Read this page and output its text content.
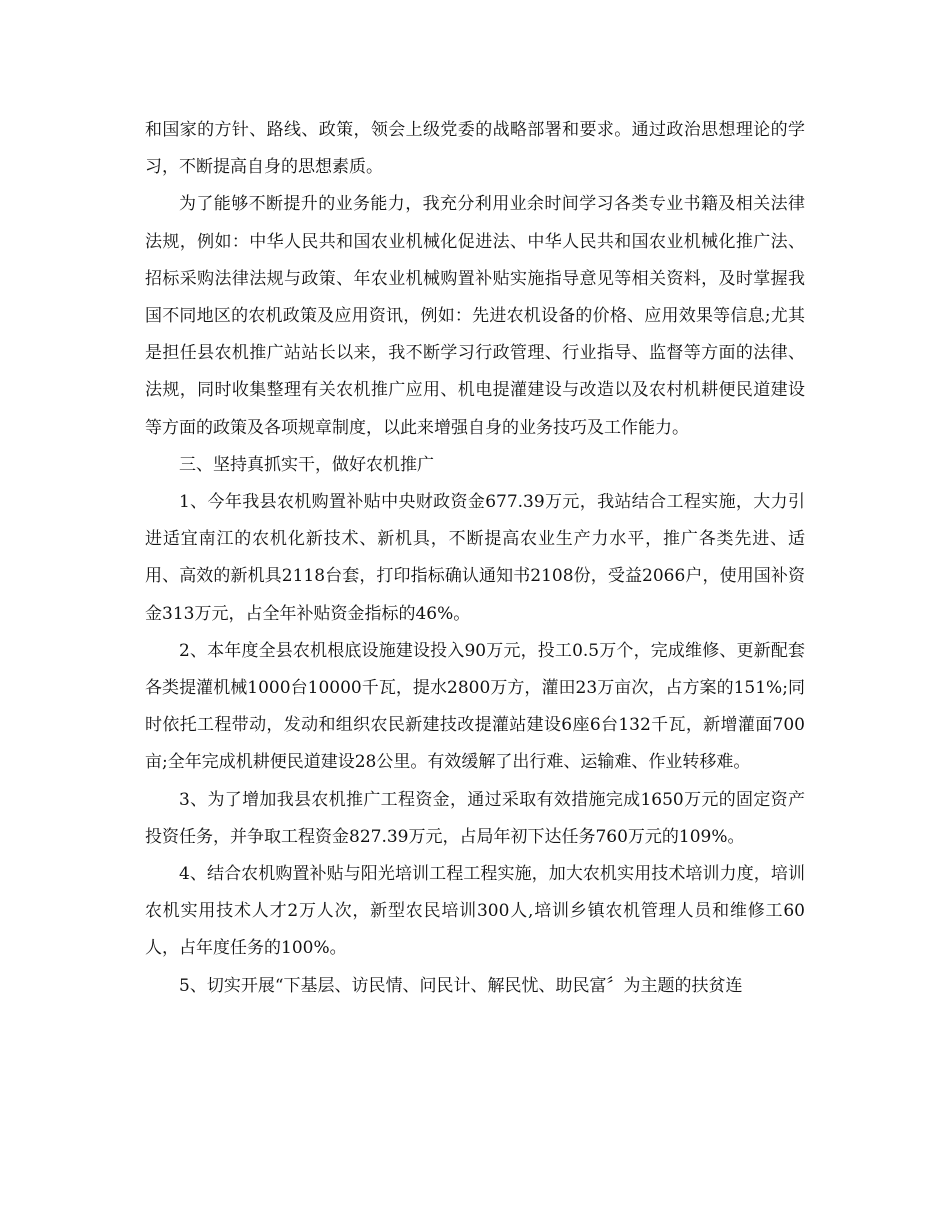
和国家的方针、路线、政策，领会上级党委的战略部署和要求。通过政治思想理论的学习，不断提高自身的思想素质。

为了能够不断提升的业务能力，我充分利用业余时间学习各类专业书籍及相关法律法规，例如：中华人民共和国农业机械化促进法、中华人民共和国农业机械化推广法、招标采购法律法规与政策、年农业机械购置补贴实施指导意见等相关资料，及时掌握我国不同地区的农机政策及应用资讯，例如：先进农机设备的价格、应用效果等信息;尤其是担任县农机推广站站长以来，我不断学习行政管理、行业指导、监督等方面的法律、法规，同时收集整理有关农机推广应用、机电提灌建设与改造以及农村机耕便民道建设等方面的政策及各项规章制度，以此来增强自身的业务技巧及工作能力。

三、坚持真抓实干，做好农机推广

1、今年我县农机购置补贴中央财政资金677.39万元，我站结合工程实施，大力引进适宜南江的农机化新技术、新机具，不断提高农业生产力水平，推广各类先进、适用、高效的新机具2118台套，打印指标确认通知书2108份，受益2066户，使用国补资金313万元，占全年补贴资金指标的46%。

2、本年度全县农机根底设施建设投入90万元，投工0.5万个，完成维修、更新配套各类提灌机械1000台10000千瓦，提水2800万方，灌田23万亩次，占方案的151%;同时依托工程带动，发动和组织农民新建技改提灌站建设6座6台132千瓦，新增灌面700亩;全年完成机耕便民道建设28公里。有效缓解了出行难、运输难、作业转移难。

3、为了增加我县农机推广工程资金，通过采取有效措施完成1650万元的固定资产投资任务，并争取工程资金827.39万元，占局年初下达任务760万元的109%。

4、结合农机购置补贴与阳光培训工程工程实施，加大农机实用技术培训力度，培训农机实用技术人才2万人次，新型农民培训300人,培训乡镇农机管理人员和维修工60人，占年度任务的100%。

5、切实开展“下基层、访民情、问民计、解民忧、助民富〞为主题的扶贫连
